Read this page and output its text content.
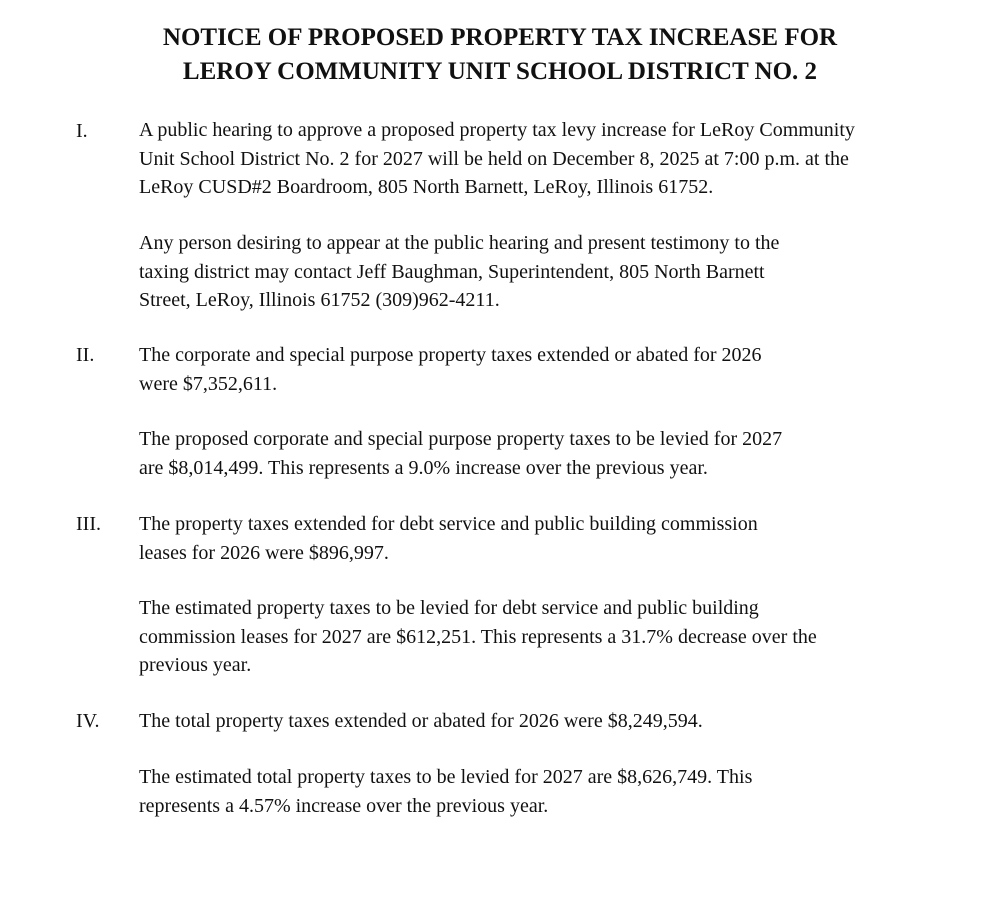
NOTICE OF PROPOSED PROPERTY TAX INCREASE FOR
LEROY COMMUNITY UNIT SCHOOL DISTRICT NO. 2
I.	A public hearing to approve a proposed property tax levy increase for LeRoy Community
Unit School District No. 2 for 2027 will be held on December 8, 2025 at 7:00 p.m. at the
LeRoy CUSD#2 Boardroom, 805 North Barnett, LeRoy, Illinois 61752.
Any person desiring to appear at the public hearing and present testimony to the
taxing district may contact Jeff Baughman, Superintendent, 805 North Barnett
Street, LeRoy, Illinois 61752 (309)962-4211.
II. The corporate and special purpose property taxes extended or abated for 2026
were $7,352,611.
The proposed corporate and special purpose property taxes to be levied for 2027
are $8,014,499. This represents a 9.0% increase over the previous year.
III. The property taxes extended for debt service and public building commission
leases for 2026 were $896,997.
The estimated property taxes to be levied for debt service and public building
commission leases for 2027 are $612,251. This represents a 31.7% decrease over the
previous year.
IV. The total property taxes extended or abated for 2026 were $8,249,594.
The estimated total property taxes to be levied for 2027 are $8,626,749. This
represents a 4.57% increase over the previous year.
